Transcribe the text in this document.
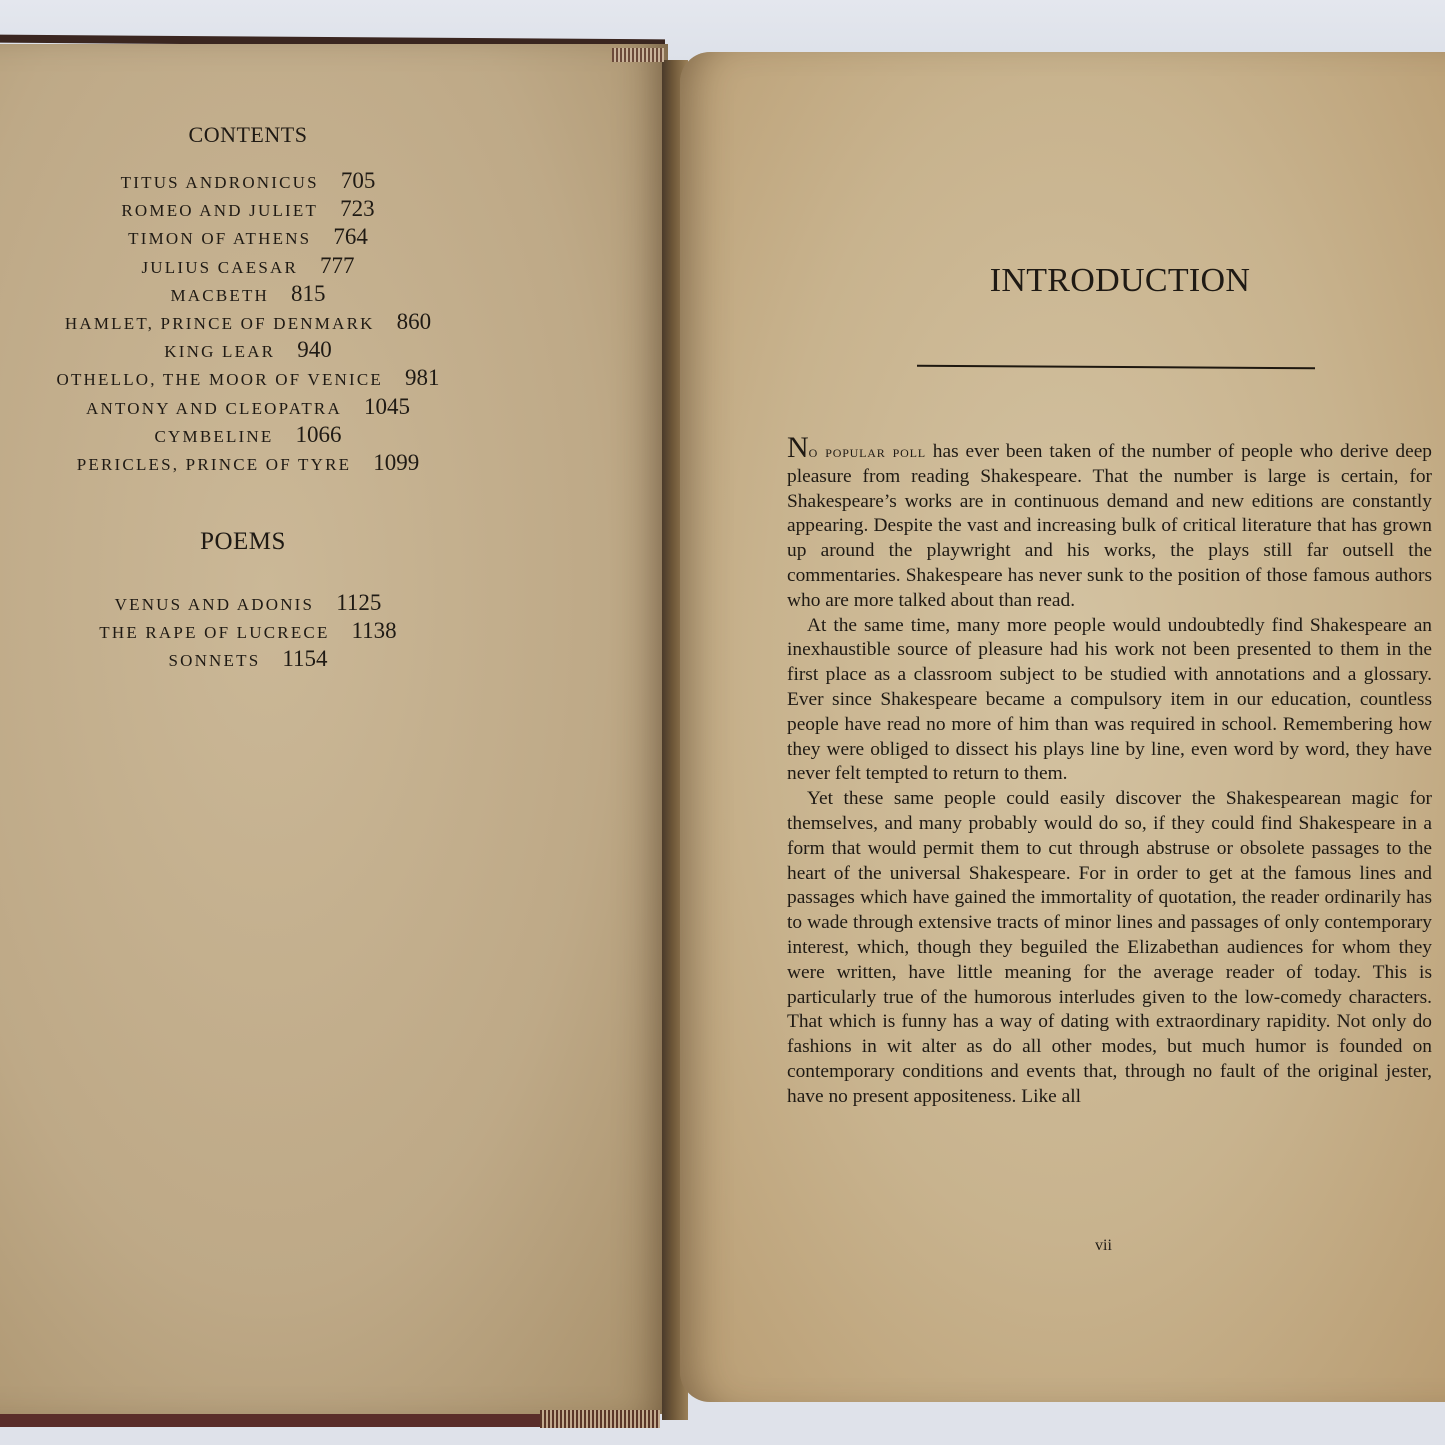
CONTENTS
TITUS ANDRONICUS 705
ROMEO AND JULIET 723
TIMON OF ATHENS 764
JULIUS CAESAR 777
MACBETH 815
HAMLET, PRINCE OF DENMARK 860
KING LEAR 940
OTHELLO, THE MOOR OF VENICE 981
ANTONY AND CLEOPATRA 1045
CYMBELINE 1066
PERICLES, PRINCE OF TYRE 1099
POEMS
VENUS AND ADONIS 1125
THE RAPE OF LUCRECE 1138
SONNETS 1154
INTRODUCTION

No popular poll has ever been taken of the number of people who derive deep pleasure from reading Shakespeare. That the number is large is certain, for Shakespeare’s works are in continuous demand and new editions are constantly appearing. Despite the vast and increasing bulk of critical literature that has grown up around the playwright and his works, the plays still far outsell the commentaries. Shakespeare has never sunk to the position of those famous authors who are more talked about than read.

At the same time, many more people would undoubtedly find Shakespeare an inexhaustible source of pleasure had his work not been presented to them in the first place as a classroom subject to be studied with annotations and a glossary. Ever since Shakespeare became a compulsory item in our education, countless people have read no more of him than was required in school. Remembering how they were obliged to dissect his plays line by line, even word by word, they have never felt tempted to return to them.

Yet these same people could easily discover the Shakespearean magic for themselves, and many probably would do so, if they could find Shakespeare in a form that would permit them to cut through abstruse or obsolete passages to the heart of the universal Shakespeare. For in order to get at the famous lines and passages which have gained the immortality of quotation, the reader ordinarily has to wade through extensive tracts of minor lines and passages of only contemporary interest, which, though they beguiled the Elizabethan audiences for whom they were written, have little meaning for the average reader of today. This is particularly true of the humorous interludes given to the low-comedy characters. That which is funny has a way of dating with extraordinary rapidity. Not only do fashions in wit alter as do all other modes, but much humor is founded on contemporary conditions and events that, through no fault of the original jester, have no present appositeness. Like all

vii
